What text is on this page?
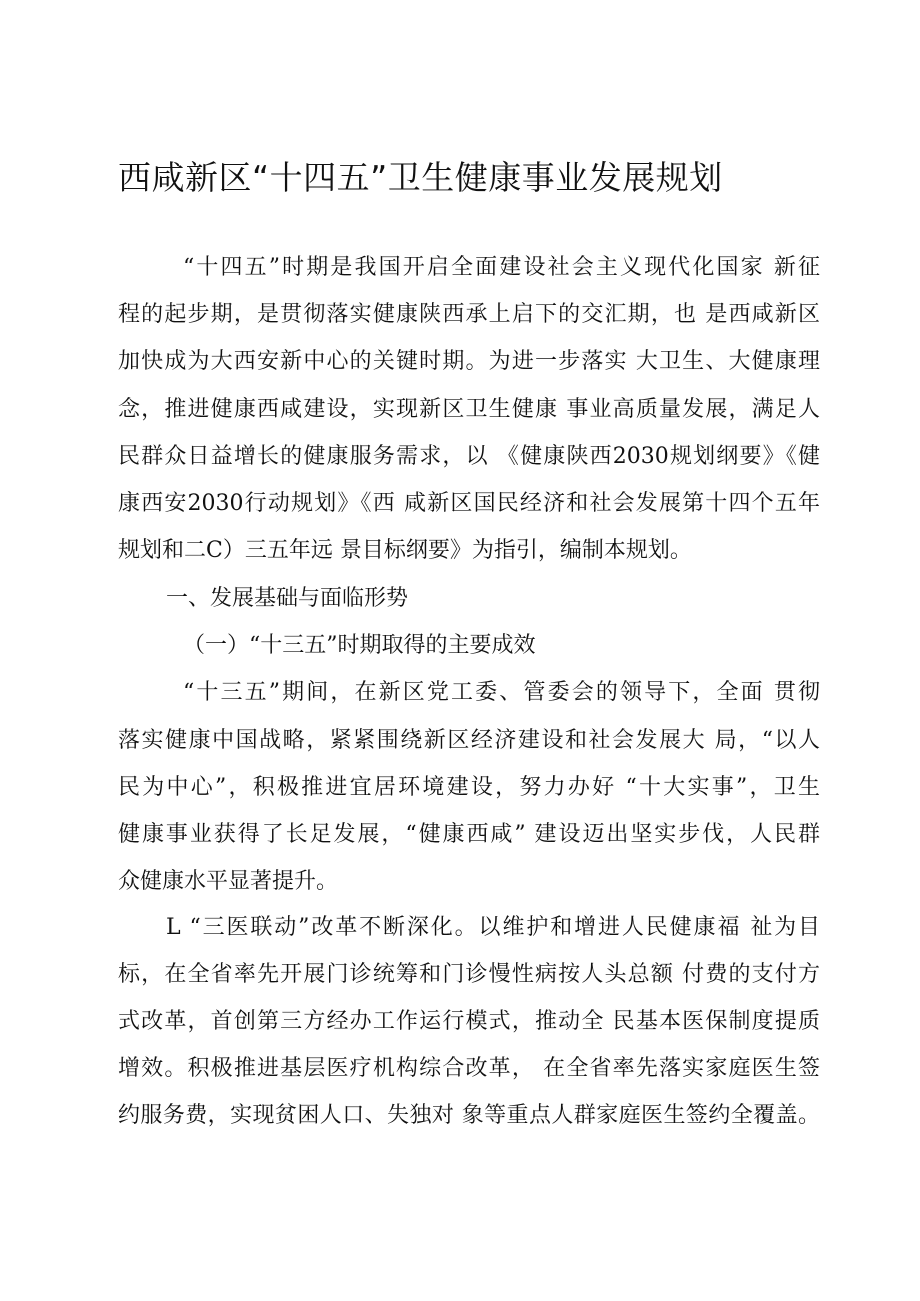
西咸新区“十四五”卫生健康事业发展规划

“十四五”时期是我国开启全面建设社会主义现代化国家 新征

程的起步期，是贯彻落实健康陕西承上启下的交汇期，也 是西咸新区

加快成为大西安新中心的关键时期。为进一步落实 大卫生、大健康理

念，推进健康西咸建设，实现新区卫生健康 事业高质量发展，满足人

民群众日益增长的健康服务需求，以 《健康陕西2030规划纲要》《健

康西安2030行动规划》《西 咸新区国民经济和社会发展第十四个五年

规划和二C）三五年远 景目标纲要》为指引，编制本规划。

一、发展基础与面临形势

（一）“十三五”时期取得的主要成效

“十三五”期间，在新区党工委、管委会的领导下，全面 贯彻

落实健康中国战略，紧紧围绕新区经济建设和社会发展大 局，“以人

民为中心”，积极推进宜居环境建设，努力办好 “十大实事”，卫生

健康事业获得了长足发展，“健康西咸” 建设迈出坚实步伐，人民群

众健康水平显著提升。

L “三医联动”改革不断深化。以维护和增进人民健康福 祉为目

标，在全省率先开展门诊统筹和门诊慢性病按人头总额 付费的支付方

式改革，首创第三方经办工作运行模式，推动全 民基本医保制度提质

增效。积极推进基层医疗机构综合改革， 在全省率先落实家庭医生签

约服务费，实现贫困人口、失独对 象等重点人群家庭医生签约全覆盖。
